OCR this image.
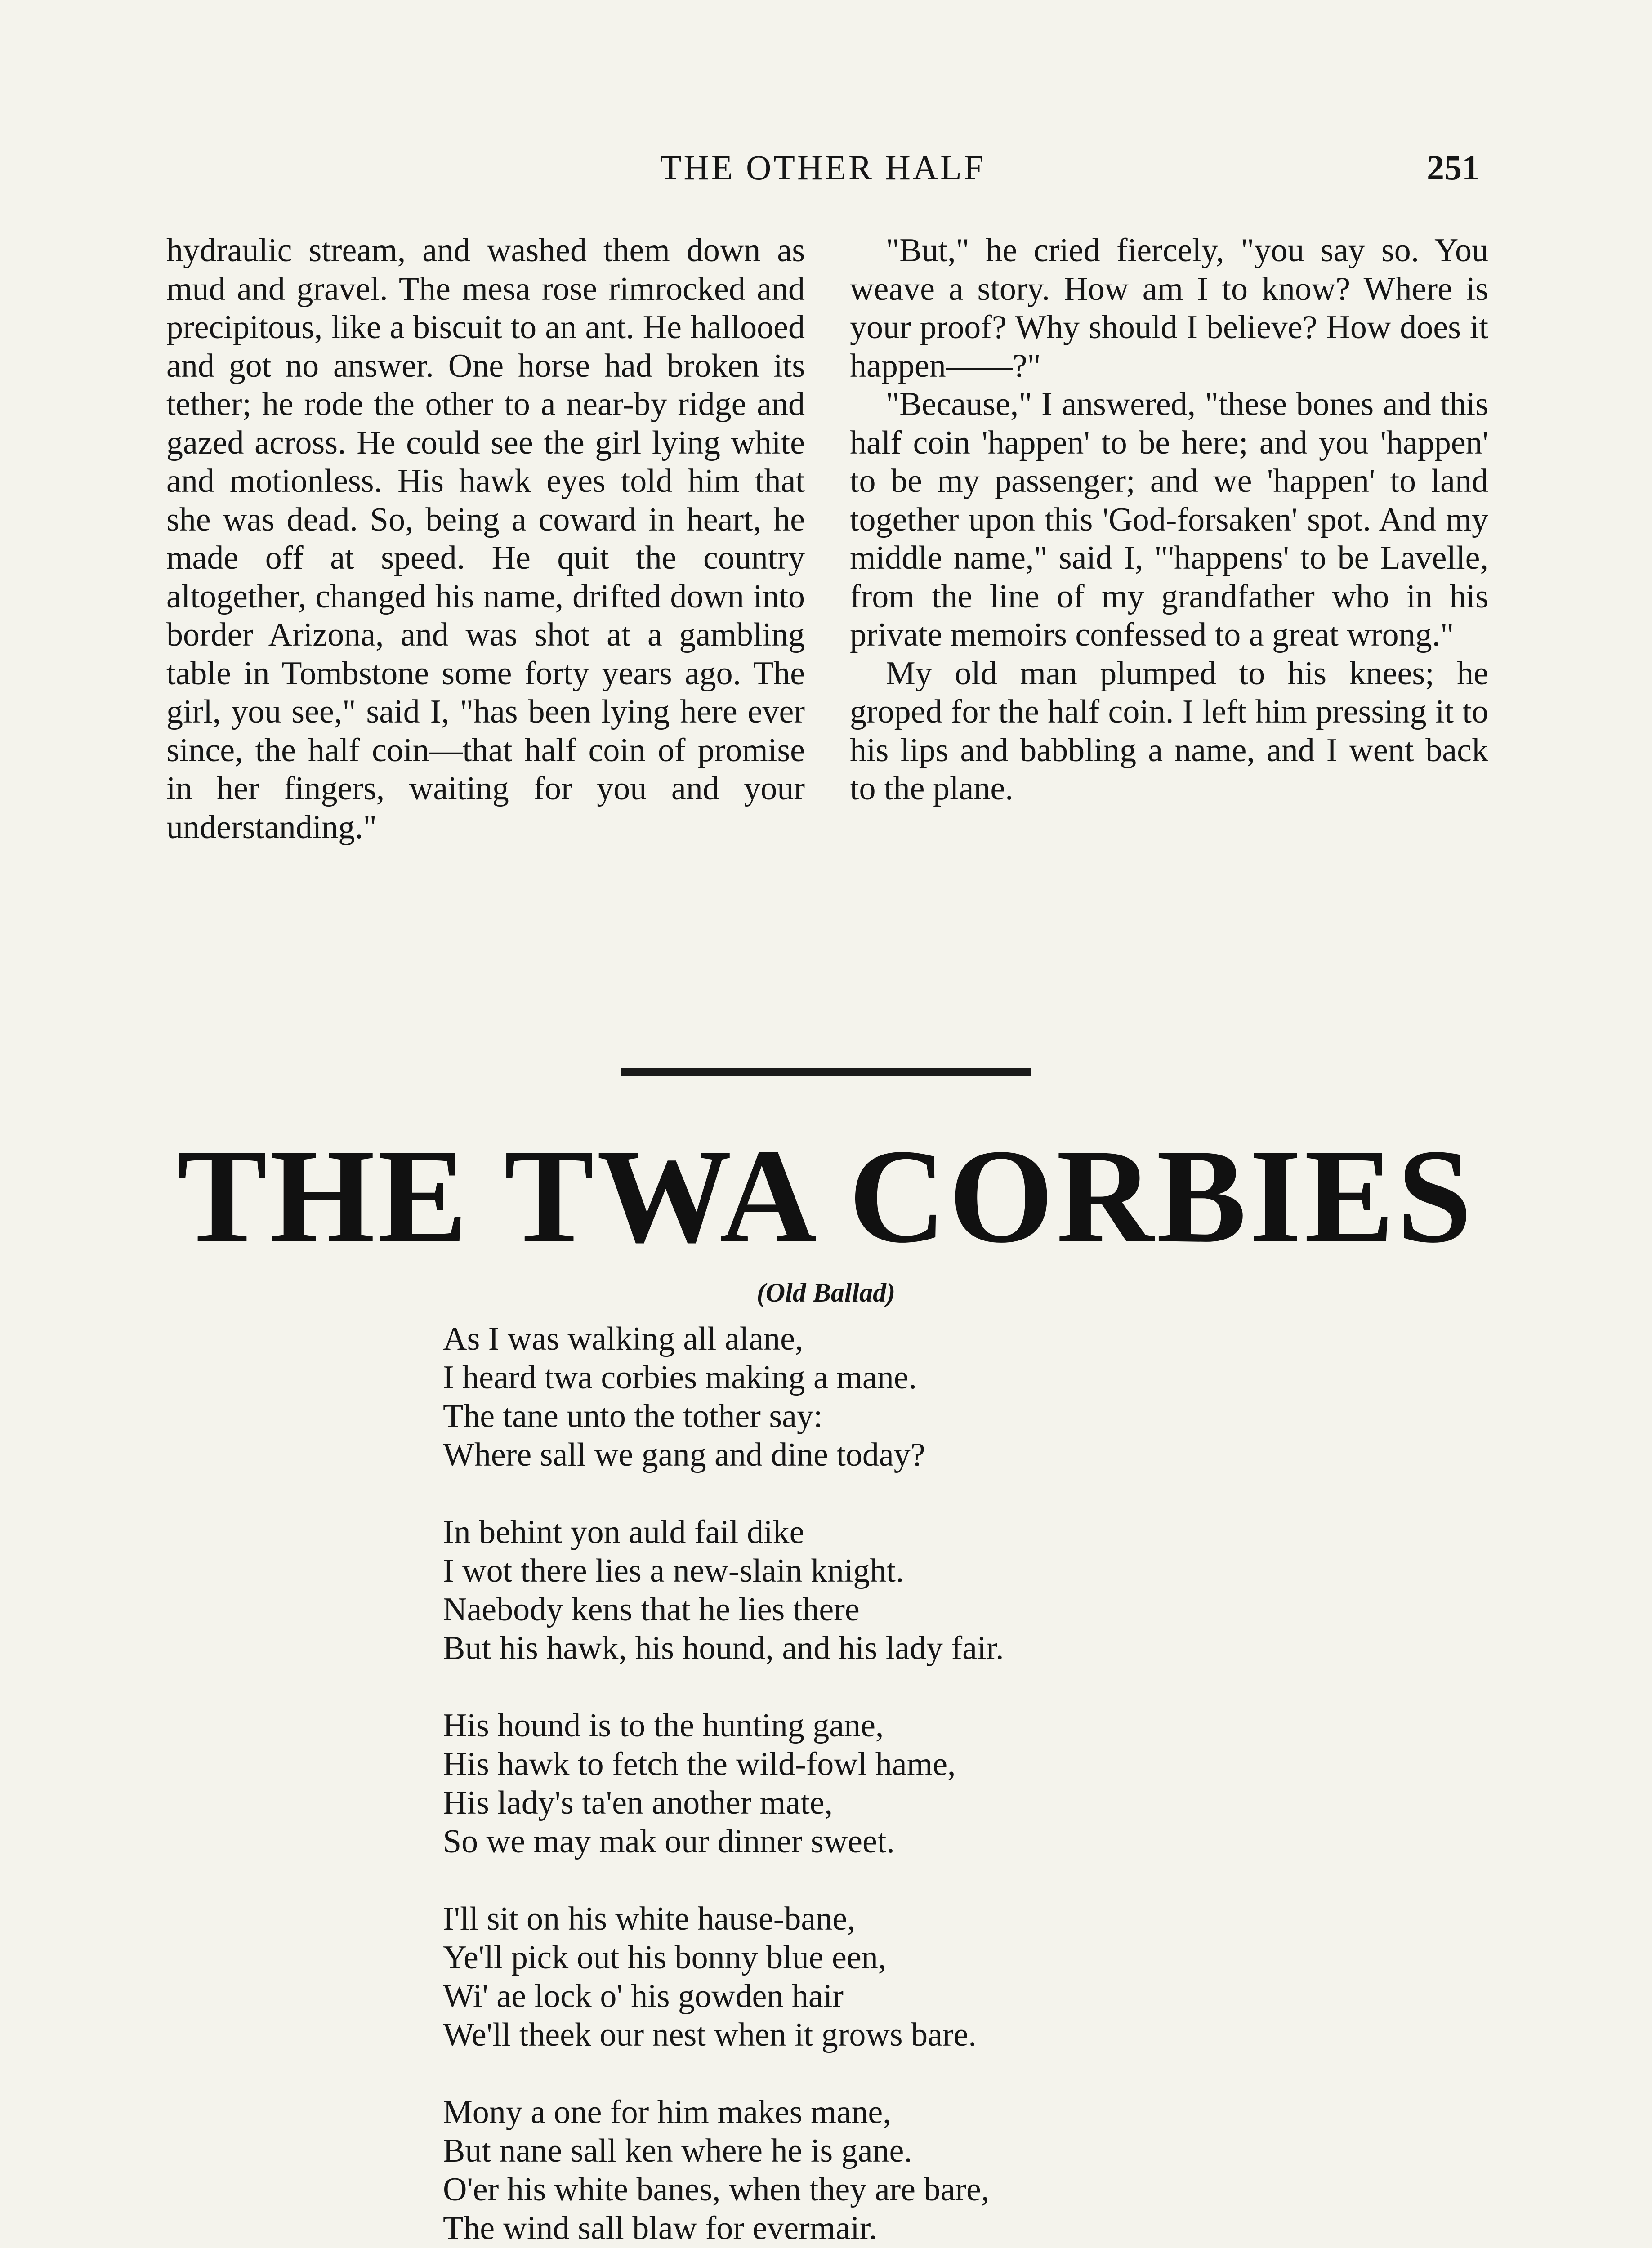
THE OTHER HALF	251

hydraulic stream, and washed them down as mud and gravel. The mesa rose rimrocked and precipitous, like a biscuit to an ant. He hallooed and got no answer. One horse had broken its tether; he rode the other to a near-by ridge and gazed across. He could see the girl lying white and motionless. His hawk eyes told him that she was dead. So, being a coward in heart, he made off at speed. He quit the country altogether, changed his name, drifted down into border Arizona, and was shot at a gambling table in Tombstone some forty years ago. The girl, you see," said I, "has been lying here ever since, the half coin—that half coin of promise in her fingers, waiting for you and your understanding."

"But," he cried fiercely, "you say so. You weave a story. How am I to know? Where is your proof? Why should I believe? How does it happen——?"

"Because," I answered, "these bones and this half coin 'happen' to be here; and you 'happen' to be my passenger; and we 'happen' to land together upon this 'God-forsaken' spot. And my middle name," said I, "'happens' to be Lavelle, from the line of my grandfather who in his private memoirs confessed to a great wrong."

My old man plumped to his knees; he groped for the half coin. I left him pressing it to his lips and babbling a name, and I went back to the plane.

THE TWA CORBIES
(Old Ballad)
As I was walking all alane,
I heard twa corbies making a mane.
The tane unto the tother say:
Where sall we gang and dine today?
In behint yon auld fail dike
I wot there lies a new-slain knight.
Naebody kens that he lies there
But his hawk, his hound, and his lady fair.
His hound is to the hunting gane,
His hawk to fetch the wild-fowl hame,
His lady's ta'en another mate,
So we may mak our dinner sweet.
I'll sit on his white hause-bane,
Ye'll pick out his bonny blue een,
Wi' ae lock o' his gowden hair
We'll theek our nest when it grows bare.
Mony a one for him makes mane,
But nane sall ken where he is gane.
O'er his white banes, when they are bare,
The wind sall blaw for evermair.
